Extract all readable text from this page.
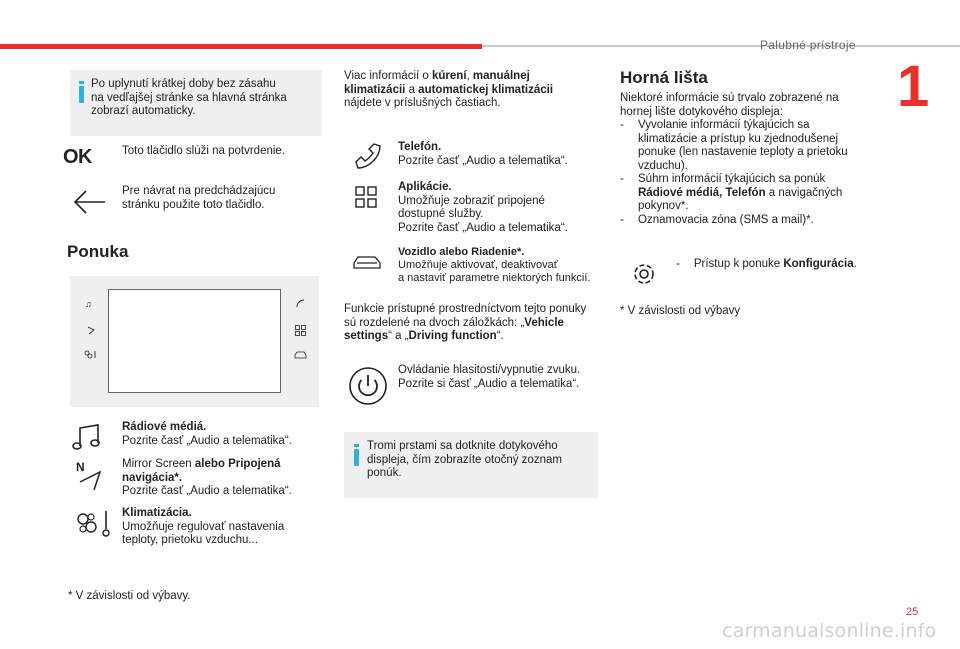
Palubné prístroje
1
Po uplynutí krátkej doby bez zásahu
na vedľajšej stránke sa hlavná stránka
zobrazí automaticky.
OK	Toto tlačidlo slúži na potvrdenie.
Pre návrat na predchádzajúcu
stránku použite toto tlačidlo.
Ponuka
♫
Rádiové médiá.
Pozrite časť „Audio a telematika“.
N	Mirror Screen alebo Pripojená
navigácia*.
Pozrite časť „Audio a telematika“.
Klimatizácia.
Umožňuje regulovať nastavenia
teploty, prietoku vzduchu...
* V závislosti od výbavy.
Viac informácií o kúrení, manuálnej
klimatizácii a automatickej klimatizácii
nájdete v príslušných častiach.
Telefón.
Pozrite časť „Audio a telematika“.
Aplikácie.
Umožňuje zobraziť pripojené
dostupné služby.
Pozrite časť „Audio a telematika“.
Vozidlo alebo Riadenie*.
Umožňuje aktivovať, deaktivovať
a nastaviť parametre niektorých funkcií.
Funkcie prístupné prostredníctvom tejto ponuky
sú rozdelené na dvoch záložkách: „Vehicle
settings“ a „Driving function“.
Ovládanie hlasitosti/vypnutie zvuku.
Pozrite si časť „Audio a telematika“.
Tromi prstami sa dotknite dotykového
displeja, čím zobrazíte otočný zoznam
ponúk.
Horná lišta
Niektoré informácie sú trvalo zobrazené na
hornej lište dotykového displeja:
- Vyvolanie informácií týkajúcich sa
klimatizácie a prístup ku zjednodušenej
ponuke (len nastavenie teploty a prietoku
vzduchu).
- Súhrn informácií týkajúcich sa ponúk
Rádiové médiá, Telefón a navigačných
pokynov*.
- Oznamovacia zóna (SMS a mail)*.
- Prístup k ponuke Konfigurácia.
* V závislosti od výbavy
25
carmanualsonline.info
